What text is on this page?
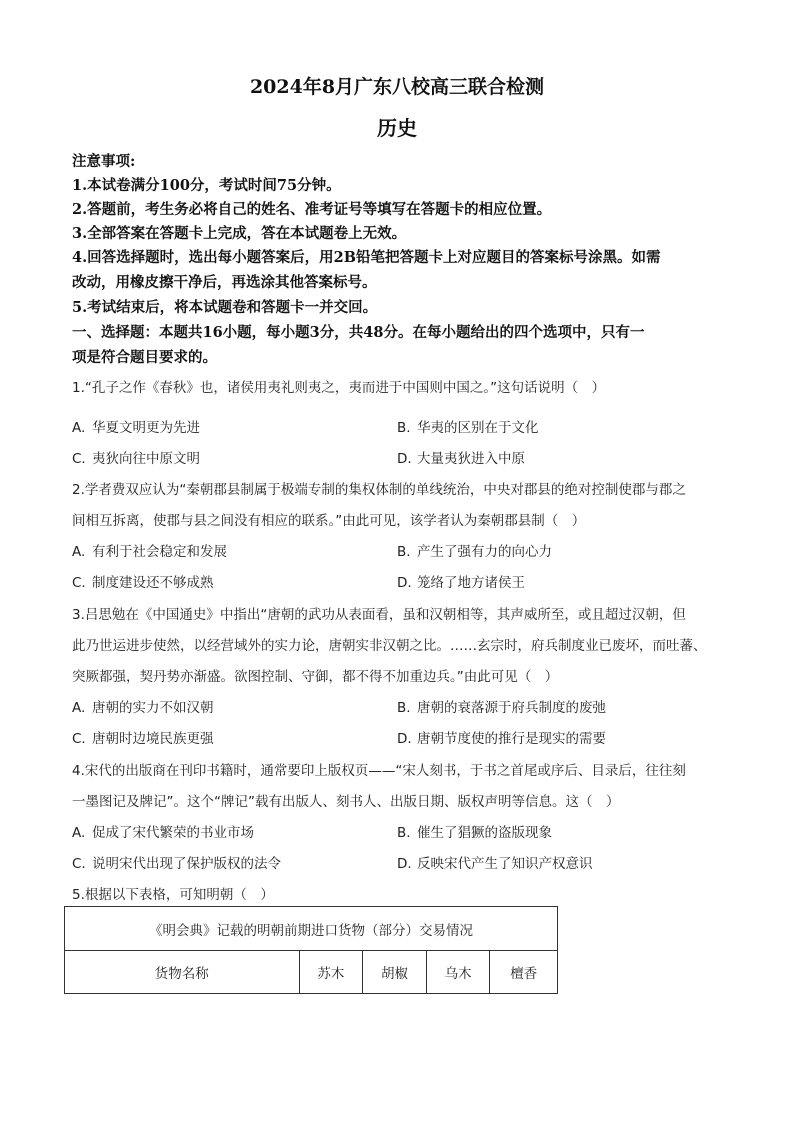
2024年8月广东八校高三联合检测
历史
注意事项:
1.本试卷满分100分，考试时间75分钟。
2.答题前，考生务必将自己的姓名、准考证号等填写在答题卡的相应位置。
3.全部答案在答题卡上完成，答在本试题卷上无效。
4.回答选择题时，选出每小题答案后，用2B铅笔把答题卡上对应题目的答案标号涂黑。如需
改动，用橡皮擦干净后，再选涂其他答案标号。
5.考试结束后，将本试题卷和答题卡一并交回。
一、选择题：本题共16小题，每小题3分，共48分。在每小题给出的四个选项中，只有一
项是符合题目要求的。
1.“孔子之作《春秋》也，诸侯用夷礼则夷之，夷而进于中国则中国之。”这句话说明（　）
A. 华夏文明更为先进	B. 华夷的区别在于文化
C. 夷狄向往中原文明	D. 大量夷狄进入中原
2.学者费双应认为“秦朝郡县制属于极端专制的集权体制的单线统治，中央对郡县的绝对控制使郡与郡之
间相互拆离，使郡与县之间没有相应的联系。”由此可见，该学者认为秦朝郡县制（　）
A. 有利于社会稳定和发展	B. 产生了强有力的向心力
C. 制度建设还不够成熟	D. 笼络了地方诸侯王
3.吕思勉在《中国通史》中指出“唐朝的武功从表面看，虽和汉朝相等，其声威所至，或且超过汉朝，但
此乃世运进步使然，以经营域外的实力论，唐朝实非汉朝之比。……玄宗时，府兵制度业已废坏，而吐蕃、
突厥都强，契丹势亦渐盛。欲图控制、守御，都不得不加重边兵。”由此可见（　）
A. 唐朝的实力不如汉朝	B. 唐朝的衰落源于府兵制度的废弛
C. 唐朝时边境民族更强	D. 唐朝节度使的推行是现实的需要
4.宋代的出版商在刊印书籍时，通常要印上版权页——“宋人刻书，于书之首尾或序后、目录后，往往刻
一墨图记及牌记”。这个“牌记”载有出版人、刻书人、出版日期、版权声明等信息。这（　）
A. 促成了宋代繁荣的书业市场	B. 催生了猖獗的盗版现象
C. 说明宋代出现了保护版权的法令	D. 反映宋代产生了知识产权意识
5.根据以下表格，可知明朝（　）
《明会典》记载的明朝前期进口货物（部分）交易情况
货物名称	苏木	胡椒	乌木	檀香
